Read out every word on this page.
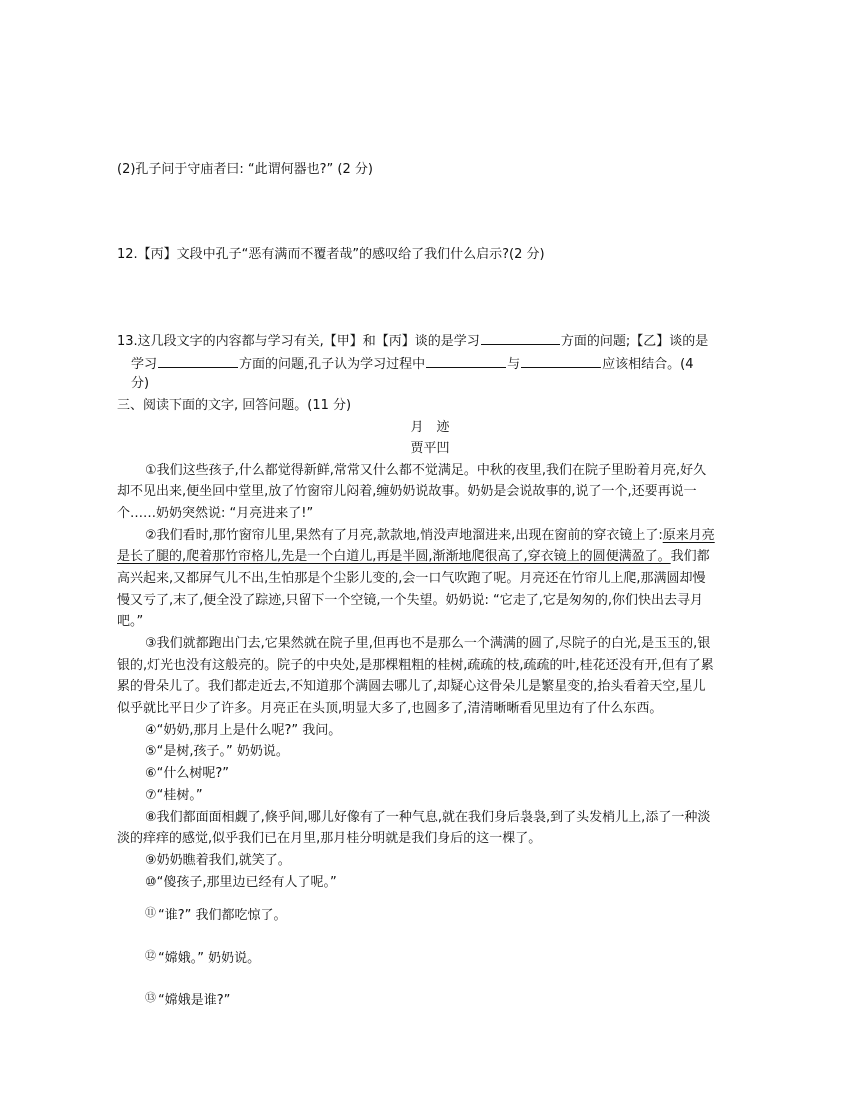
(2)孔子问于守庙者曰: “此谓何器也?” (2 分)
12.【丙】文段中孔子“恶有满而不覆者哉”的感叹给了我们什么启示?(2 分)
13.这几段文字的内容都与学习有关,【甲】和【丙】谈的是学习	方面的问题;【乙】谈的是
学习	方面的问题,孔子认为学习过程中	与	应该相结合。(4
分)
三、阅读下面的文字, 回答问题。(11 分)
月　迹
贾平凹
①我们这些孩子,什么都觉得新鲜,常常又什么都不觉满足。中秋的夜里,我们在院子里盼着月亮,好久
却不见出来,便坐回中堂里,放了竹窗帘儿闷着,缠奶奶说故事。奶奶是会说故事的,说了一个,还要再说一
个……奶奶突然说: “月亮进来了!”
②我们看时,那竹窗帘儿里,果然有了月亮,款款地,悄没声地溜进来,出现在窗前的穿衣镜上了:原来月亮
是长了腿的,爬着那竹帘格儿,先是一个白道儿,再是半圆,渐渐地爬很高了,穿衣镜上的圆便满盈了。我们都
高兴起来,又都屏气儿不出,生怕那是个尘影儿变的,会一口气吹跑了呢。月亮还在竹帘儿上爬,那满圆却慢
慢又亏了,末了,便全没了踪迹,只留下一个空镜,一个失望。奶奶说: “它走了,它是匆匆的,你们快出去寻月
吧。”
③我们就都跑出门去,它果然就在院子里,但再也不是那么一个满满的圆了,尽院子的白光,是玉玉的,银
银的,灯光也没有这般亮的。院子的中央处,是那棵粗粗的桂树,疏疏的枝,疏疏的叶,桂花还没有开,但有了累
累的骨朵儿了。我们都走近去,不知道那个满圆去哪儿了,却疑心这骨朵儿是繁星变的,抬头看着天空,星儿
似乎就比平日少了许多。月亮正在头顶,明显大多了,也圆多了,清清晰晰看见里边有了什么东西。
④“奶奶,那月上是什么呢?” 我问。
⑤“是树,孩子。” 奶奶说。
⑥“什么树呢?”
⑦“桂树。”
⑧我们都面面相觑了,倏乎间,哪儿好像有了一种气息,就在我们身后袅袅,到了头发梢儿上,添了一种淡
淡的痒痒的感觉,似乎我们已在月里,那月桂分明就是我们身后的这一棵了。
⑨奶奶瞧着我们,就笑了。
⑩“傻孩子,那里边已经有人了呢。”
⑪ “谁?” 我们都吃惊了。
⑫ “嫦娥。” 奶奶说。
⑬ “嫦娥是谁?”
